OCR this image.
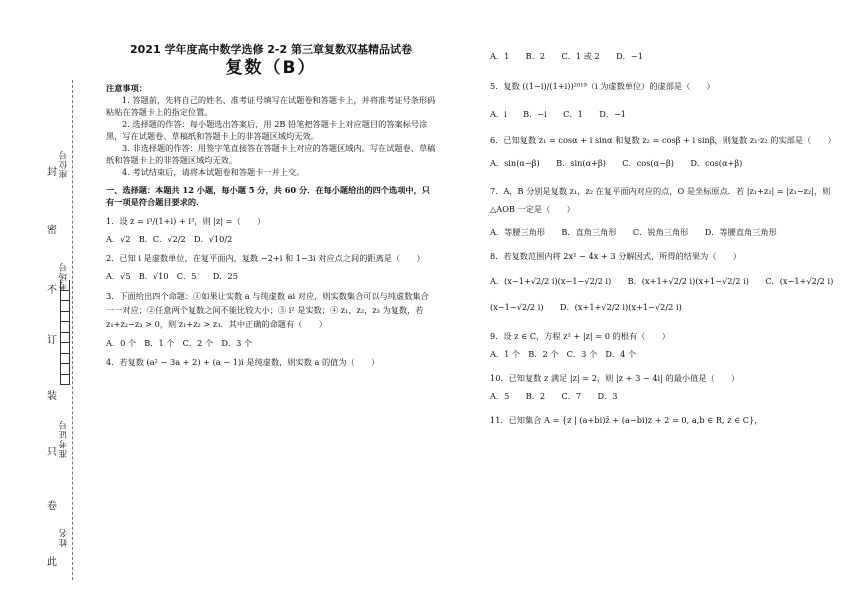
封
密
不
订
装
只
卷
此
座位号
考场号
准考证号
姓名
2021 学年度高中数学选修 2-2 第三章复数双基精品试卷
复数（B）
注意事项：
1. 答题前，先将自己的姓名、准考证号填写在试题卷和答题卡上，并将准考证号条形码粘贴在答题卡上的指定位置。
2. 选择题的作答：每小题选出答案后，用 2B 铅笔把答题卡上对应题目的答案标号涂黑，写在试题卷、草稿纸和答题卡上的非答题区域均无效。
3. 非选择题的作答：用签字笔直接答在答题卡上对应的答题区域内。写在试题卷、草稿纸和答题卡上的非答题区域均无效。
4. 考试结束后，请将本试题卷和答题卡一并上交。
一、选择题：本题共 12 小题，每小题 5 分，共 60 分．在每小题给出的四个选项中，只有一项是符合题目要求的．
1．设 z = i³/(1+i) + i³，则 |z| =（　　）
A．√2　B．C．√2/2　D．√10/2
2．已知 i 是虚数单位，在复平面内，复数 −2+i 和 1−3i 对应点之间的距离是（　　）
A．√5　B．√10　C．5　　D．25
3．下面给出四个命题：①如果让实数 a 与纯虚数 ai 对应，则实数集合可以与纯虚数集合一一对应；②任意两个复数之间不能比较大小；③ i² 是实数；④ z₁，z₂，z₃ 为复数，若 z₁+z₂−z₃ > 0，则 z₁+z₂ > z₃．其中正确的命题有（　　）
A．0 个　B．1 个　C．2 个　D．3 个
4．若复数 (a² − 3a + 2) + (a − 1)i 是纯虚数，则实数 a 的值为（　　）
A．1　　B．2　　C．1 或 2　　D．−1
5．复数 ((1−i)/(1+i))²⁰¹⁹（i 为虚数单位）的虚部是（　　）
A．i　　B．−i　　C．1　　D．−1
6．已知复数 z₁ = cosα + i sinα 和复数 z₂ = cosβ + i sinβ，则复数 z₁·z₂ 的实部是（　　）
A．sin(α−β)　　B．sin(α+β)　　C．cos(α−β)　　D．cos(α+β)
7．A，B 分别是复数 z₁，z₂ 在复平面内对应的点，O 是坐标原点．若 |z₁+z₂| = |z₁−z₂|，则△AOB 一定是（　　）
A．等腰三角形　　B．直角三角形　　C．锐角三角形　　D．等腰直角三角形
8．若复数范围内将 2x² − 4x + 3 分解因式，所得的结果为（　　）
A．(x−1+√2/2 i)(x−1−√2/2 i)　　B．(x+1+√2/2 i)(x+1−√2/2 i)　　C．(x−1+√2/2 i)(x−1−√2/2 i)　　D．(x+1+√2/2 i)(x+1−√2/2 i)
9．设 z ∈ C，方程 z² + |z| = 0 的根有（　　）
A．1 个　B．2 个　C．3 个　D．4 个
10．已知复数 z 满足 |z| = 2，则 |z + 3 − 4i| 的最小值是（　　）
A．5　　B．2　　C．7　　D．3
11．已知集合 A = {z | (a+bi)z̄ + (a−bi)z + 2 = 0, a,b ∈ R, z ∈ C}，
